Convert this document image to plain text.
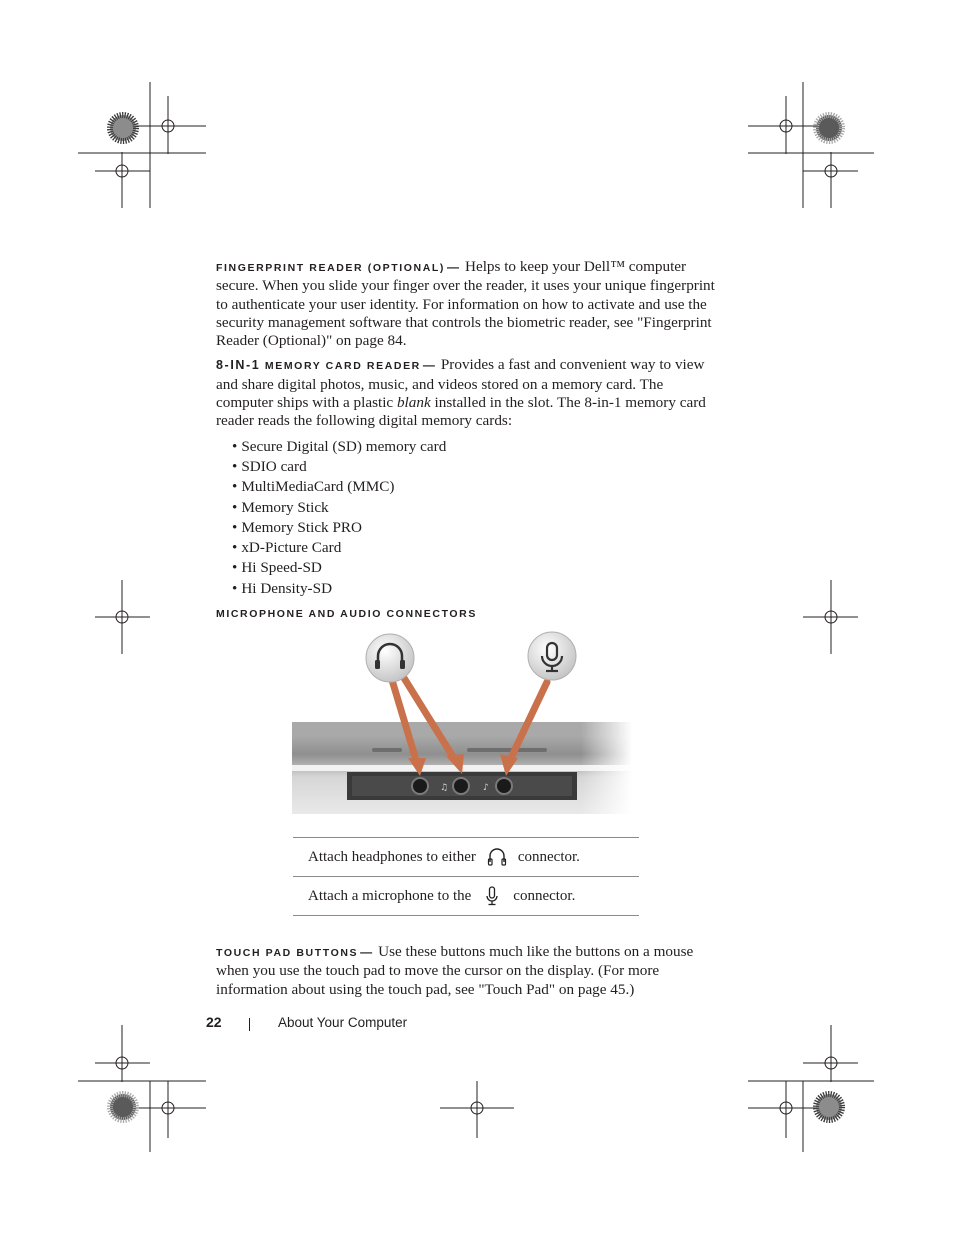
FINGERPRINT READER (OPTIONAL) — Helps to keep your Dell™ computer secure. When you slide your finger over the reader, it uses your unique fingerprint to authenticate your user identity. For information on how to activate and use the security management software that controls the biometric reader, see "Fingerprint Reader (Optional)" on page 84.

8-IN-1 MEMORY CARD READER — Provides a fast and convenient way to view and share digital photos, music, and videos stored on a memory card. The computer ships with a plastic blank installed in the slot. The 8-in-1 memory card reader reads the following digital memory cards:

• Secure Digital (SD) memory card
• SDIO card
• MultiMediaCard (MMC)
• Memory Stick
• Memory Stick PRO
• xD-Picture Card
• Hi Speed-SD
• Hi Density-SD
MICROPHONE AND AUDIO CONNECTORS
Attach headphones to either	connector.
Attach a microphone to the	connector.

TOUCH PAD BUTTONS — Use these buttons much like the buttons on a mouse when you use the touch pad to move the cursor on the display. (For more information about using the touch pad, see "Touch Pad" on page 45.)

22	About Your Computer
